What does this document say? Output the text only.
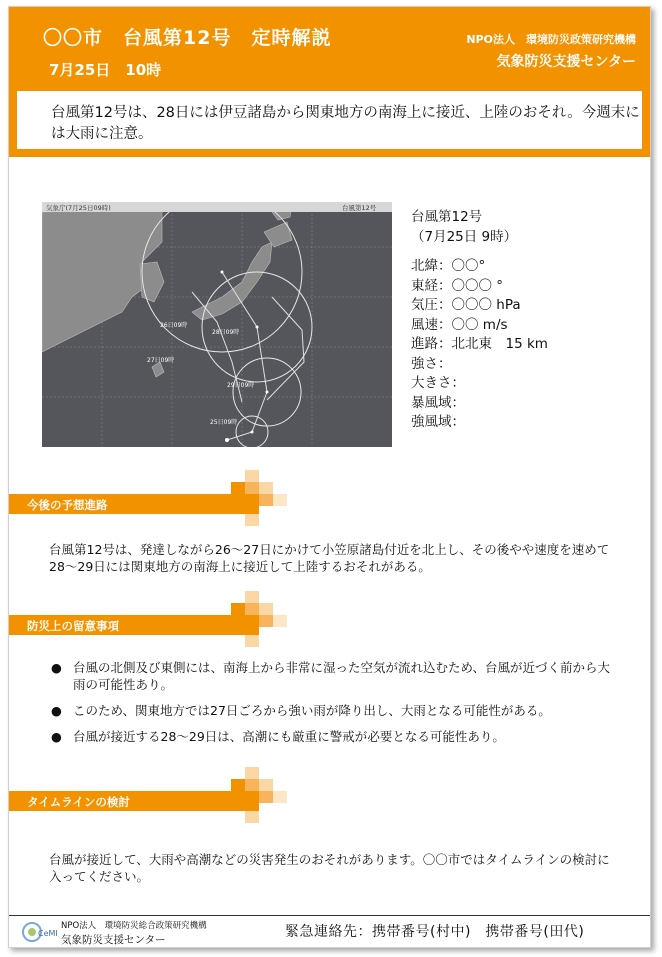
〇〇市　台風第12号　定時解説
7月25日　10時
NPO法人　環境防災政策研究機構
気象防災支援センター
台風第12号は、28日には伊豆諸島から関東地方の南海上に接近、上陸のおそれ。今週末には大雨に注意。
気象庁(7月25日09時)	台風第12号
26日09時
27日09時
28日09時
29日09時
25日09時
台風第12号
（7月25日 9時）
北緯：〇〇°
東経：〇〇〇 °
気圧：〇〇〇 hPa
風速：〇〇 m/s
進路：北北東　15 km
強さ：
大きさ：
暴風域：
強風域：
今後の予想進路
台風第12号は、発達しながら26〜27日にかけて小笠原諸島付近を北上し、その後やや速度を速めて28〜29日には関東地方の南海上に接近して上陸するおそれがある。
防災上の留意事項
● 台風の北側及び東側には、南海上から非常に湿った空気が流れ込むため、台風が近づく前から大雨の可能性あり。
● このため、関東地方では27日ごろから強い雨が降り出し、大雨となる可能性がある。
● 台風が接近する28〜29日は、高潮にも厳重に警戒が必要となる可能性あり。
タイムラインの検討
台風が接近して、大雨や高潮などの災害発生のおそれがあります。〇〇市ではタイムラインの検討に入ってください。
CeMI
NPO法人　環境防災総合政策研究機構
気象防災支援センター	緊急連絡先：携帯番号(村中)　携帯番号(田代)
